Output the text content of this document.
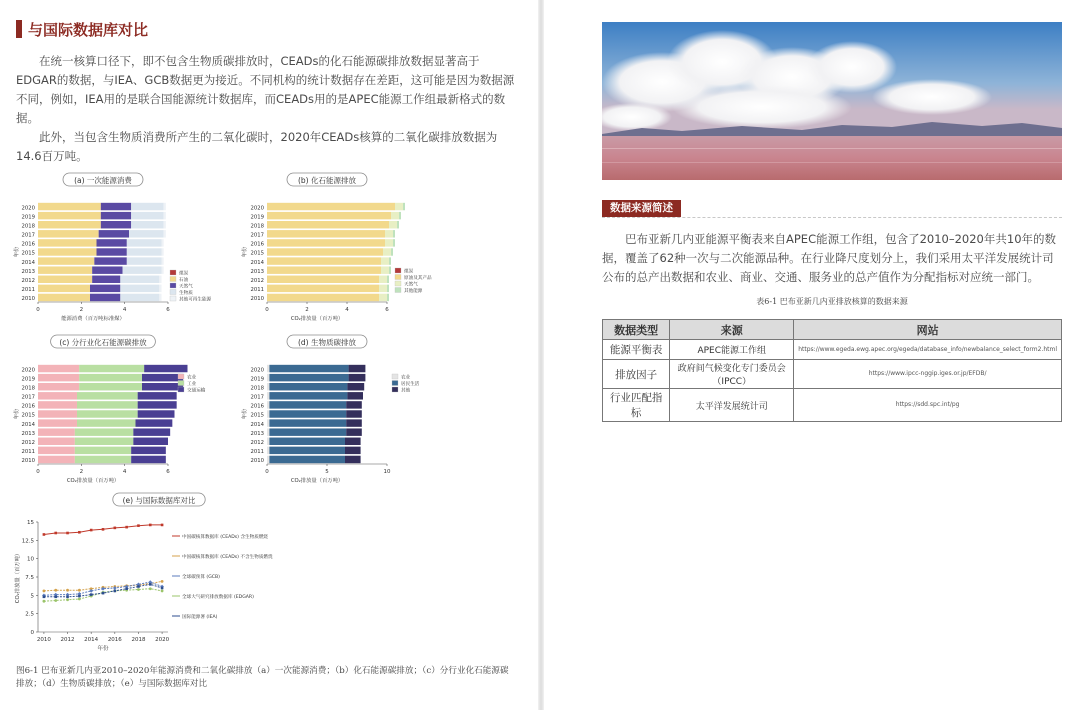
与国际数据库对比

在统一核算口径下，即不包含生物质碳排放时，CEADs的化石能源碳排放数据显著高于EDGAR的数据，与IEA、GCB数据更为接近。不同机构的统计数据存在差距，这可能是因为数据源不同，例如，IEA用的是联合国能源统计数据库，而CEADs用的是APEC能源工作组最新格式的数据。

此外，当包含生物质消费所产生的二氧化碳时，2020年CEADs核算的二氧化碳排放数据为14.6百万吨。

(a) 一次能源消费
2010
2011
2012
2013
2014
2015
2016
2017
2018
2019
2020
0	2	4	6
能源消费（百万吨标准煤）
年份
煤炭
石油
天然气
生物质
其他可再生能源
(b) 化石能源排放
2010
2011
2012
2013
2014
2015
2016
2017
2018
2019
2020
0	2	4	6
CO₂排放量（百万吨）
年份
煤炭
原油及其产品
天然气
其他能源
(c) 分行业化石能源碳排放
2010
2011
2012
2013
2014
2015
2016
2017
2018
2019
2020
0	2	4	6
CO₂排放量（百万吨）
年份
农业
工业
交通运输
(d) 生物质碳排放
2010
2011
2012
2013
2014
2015
2016
2017
2018
2019
2020
0	5	10
CO₂排放量（百万吨）
年份
农业
居民生活
其他
(e) 与国际数据库对比
0
2.5
5
7.5
10
12.5
15
2010 2012 2014 2016 2018 2020
年份
CO₂排放量（百万吨）
中国碳核算数据库 (CEADs) 含生物质燃烧
中国碳核算数据库 (CEADs) 不含生物质燃烧
全球碳预算 (GCB)
全球大气研究排放数据库 (EDGAR)
国际能源署 (IEA)

图6-1 巴布亚新几内亚2010–2020年能源消费和二氧化碳排放（a）一次能源消费；（b）化石能源碳排放；（c）分行业化石能源碳排放；（d）生物质碳排放；（e）与国际数据库对比

数据来源简述

巴布亚新几内亚能源平衡表来自APEC能源工作组，包含了2010–2020年共10年的数据，覆盖了62种一次与二次能源品种。在行业降尺度划分上，我们采用太平洋发展统计司公布的总产出数据和农业、商业、交通、服务业的总产值作为分配指标对应统一部门。

表6-1 巴布亚新几内亚排放核算的数据来源

数据类型	来源	网站
能源平衡表	APEC能源工作组	https://www.egeda.ewg.apec.org/egeda/database_info/newbalance_select_form2.html
排放因子	政府间气候变化专门委员会（IPCC）	https://www.ipcc-nggip.iges.or.jp/EFDB/
行业匹配指标	太平洋发展统计司	https://sdd.spc.int/pg
